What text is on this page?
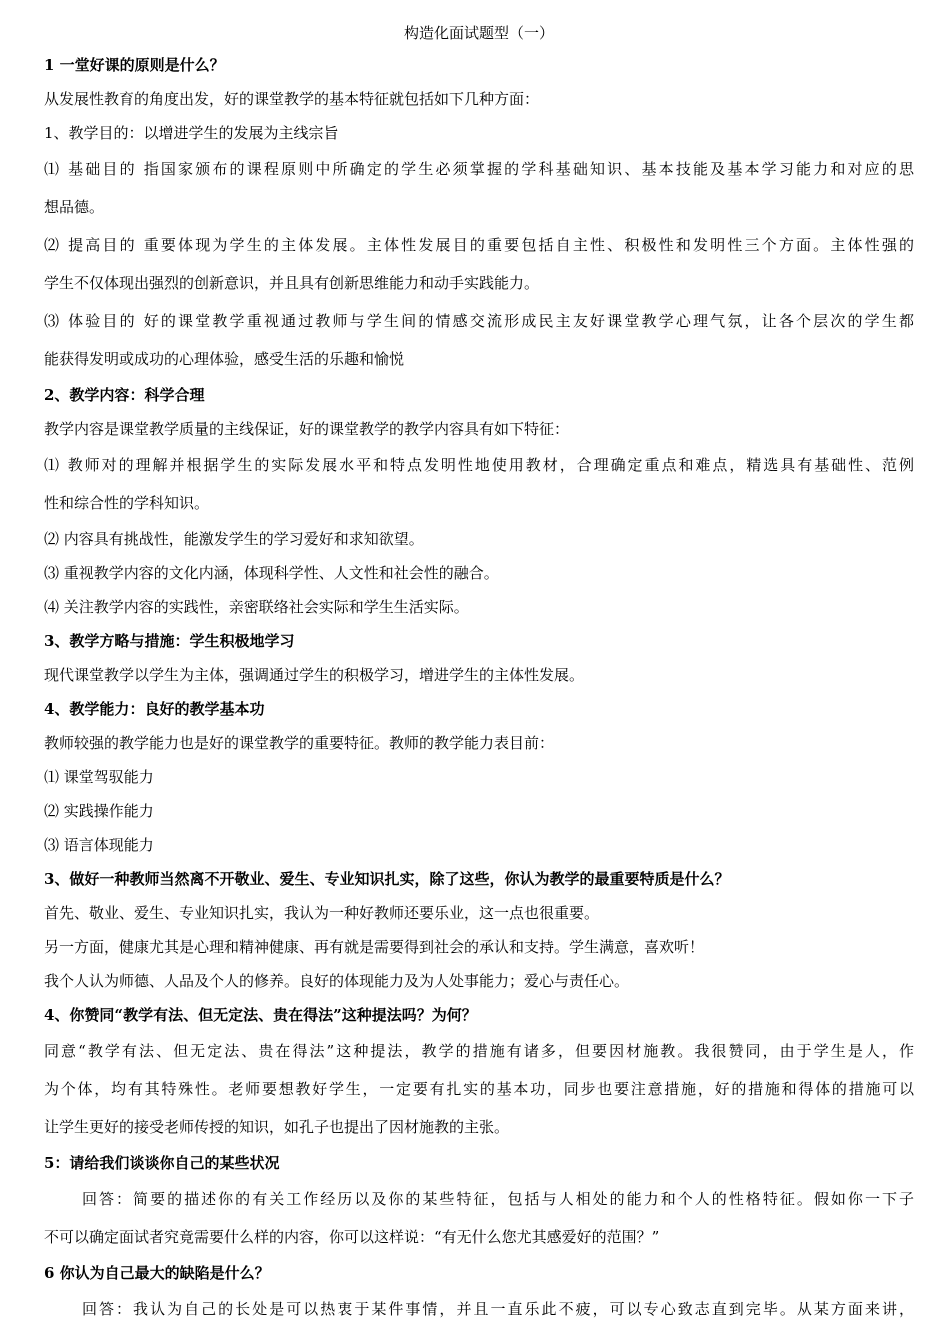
构造化面试题型（一）
1 一堂好课的原则是什么？
从发展性教育的角度出发，好的课堂教学的基本特征就包括如下几种方面：
1、教学目的：以增进学生的发展为主线宗旨
⑴ 基础目的 指国家颁布的课程原则中所确定的学生必须掌握的学科基础知识、基本技能及基本学习能力和对应的思
想品德。
⑵ 提高目的 重要体现为学生的主体发展。主体性发展目的重要包括自主性、积极性和发明性三个方面。主体性强的
学生不仅体现出强烈的创新意识，并且具有创新思维能力和动手实践能力。
⑶ 体验目的 好的课堂教学重视通过教师与学生间的情感交流形成民主友好课堂教学心理气氛，让各个层次的学生都
能获得发明或成功的心理体验，感受生活的乐趣和愉悦
2、教学内容：科学合理
教学内容是课堂教学质量的主线保证，好的课堂教学的教学内容具有如下特征：
⑴ 教师对的理解并根据学生的实际发展水平和特点发明性地使用教材，合理确定重点和难点，精选具有基础性、范例
性和综合性的学科知识。
⑵ 内容具有挑战性，能激发学生的学习爱好和求知欲望。
⑶ 重视教学内容的文化内涵，体现科学性、人文性和社会性的融合。
⑷ 关注教学内容的实践性，亲密联络社会实际和学生生活实际。
3、教学方略与措施：学生积极地学习
现代课堂教学以学生为主体，强调通过学生的积极学习，增进学生的主体性发展。
4、教学能力：良好的教学基本功
教师较强的教学能力也是好的课堂教学的重要特征。教师的教学能力表目前：
⑴ 课堂驾驭能力
⑵ 实践操作能力
⑶ 语言体现能力
3、做好一种教师当然离不开敬业、爱生、专业知识扎实，除了这些，你认为教学的最重要特质是什么？
首先、敬业、爱生、专业知识扎实，我认为一种好教师还要乐业，这一点也很重要。
另一方面，健康尤其是心理和精神健康、再有就是需要得到社会的承认和支持。学生满意，喜欢听！
我个人认为师德、人品及个人的修养。良好的体现能力及为人处事能力；爱心与责任心。
4、你赞同“教学有法、但无定法、贵在得法”这种提法吗？为何？
同意“教学有法、但无定法、贵在得法”这种提法，教学的措施有诸多，但要因材施教。我很赞同，由于学生是人，作
为个体，均有其特殊性。老师要想教好学生，一定要有扎实的基本功，同步也要注意措施，好的措施和得体的措施可以
让学生更好的接受老师传授的知识，如孔子也提出了因材施教的主张。
5：请给我们谈谈你自己的某些状况
回答：简要的描述你的有关工作经历以及你的某些特征，包括与人相处的能力和个人的性格特征。假如你一下子
不可以确定面试者究竟需要什么样的内容，你可以这样说：“有无什么您尤其感爱好的范围？”
6 你认为自己最大的缺陷是什么？
回答：我认为自己的长处是可以热衷于某件事情，并且一直乐此不疲，可以专心致志直到完毕。从某方面来讲，
